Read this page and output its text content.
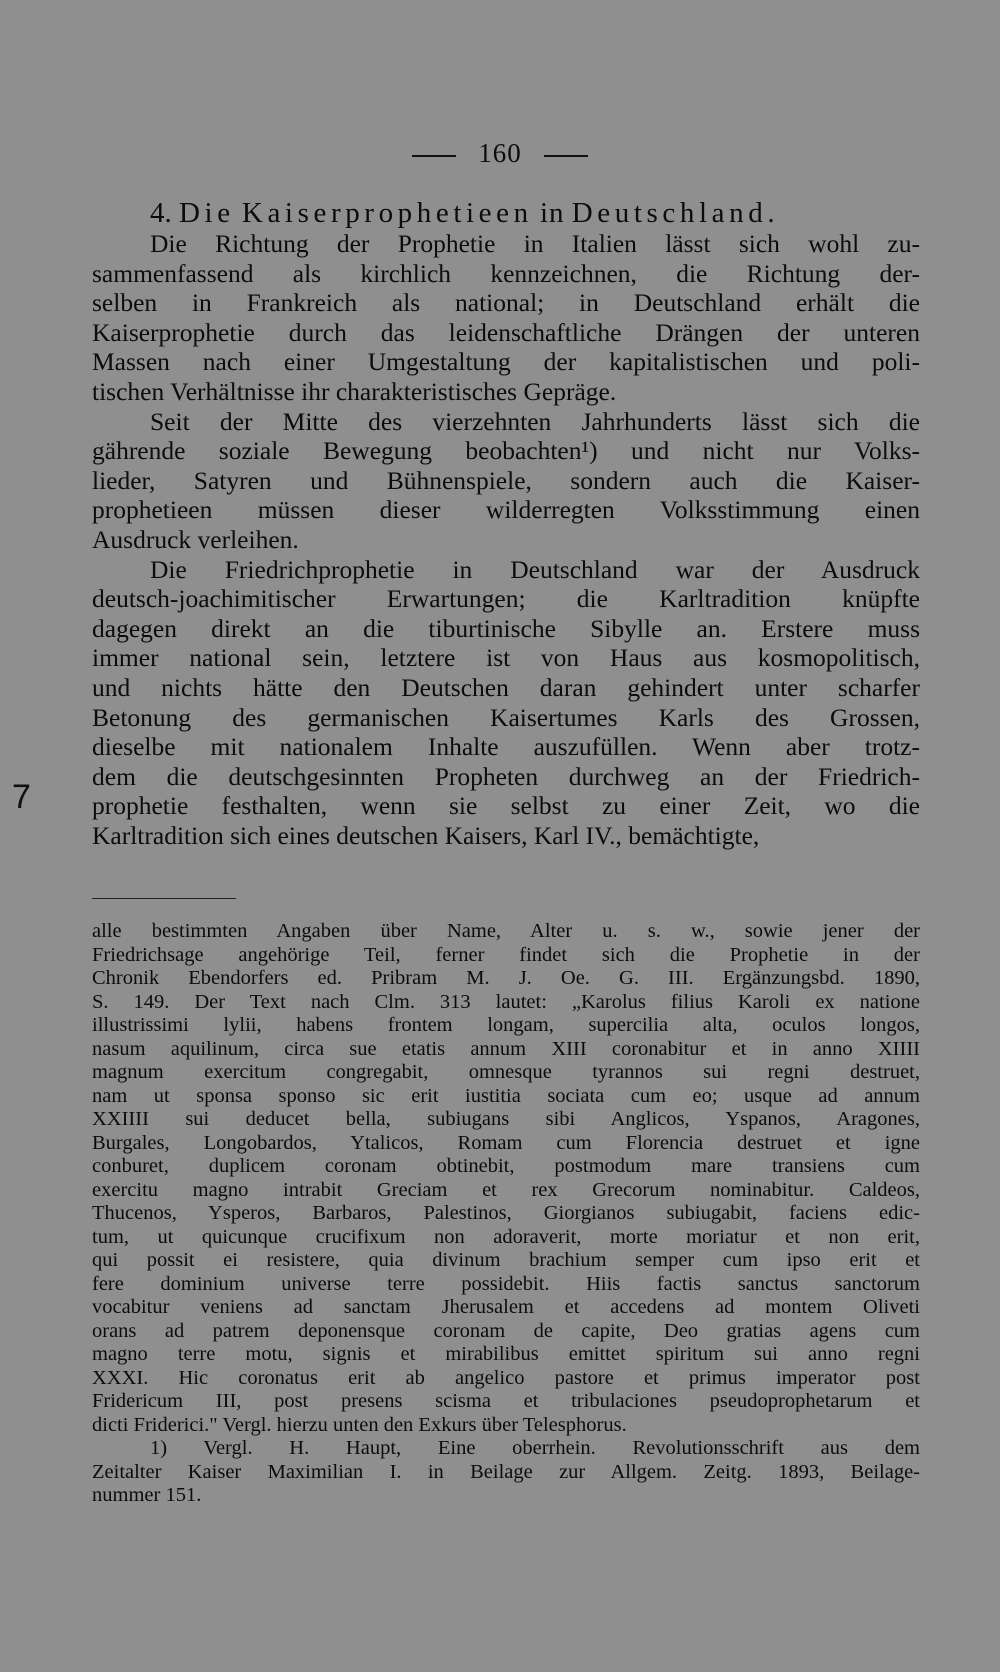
160
4. Die Kaiserprophetieen in Deutschland.
Die Richtung der Prophetie in Italien lässt sich wohl zu-
sammenfassend als kirchlich kennzeichnen, die Richtung der-
selben in Frankreich als national; in Deutschland erhält die
Kaiserprophetie durch das leidenschaftliche Drängen der unteren
Massen nach einer Umgestaltung der kapitalistischen und poli-
tischen Verhältnisse ihr charakteristisches Gepräge.
Seit der Mitte des vierzehnten Jahrhunderts lässt sich die
gährende soziale Bewegung beobachten¹) und nicht nur Volks-
lieder, Satyren und Bühnenspiele, sondern auch die Kaiser-
prophetieen müssen dieser wilderregten Volksstimmung einen
Ausdruck verleihen.
Die Friedrichprophetie in Deutschland war der Ausdruck
deutsch-joachimitischer Erwartungen; die Karltradition knüpfte
dagegen direkt an die tiburtinische Sibylle an. Erstere muss
immer national sein, letztere ist von Haus aus kosmopolitisch,
und nichts hätte den Deutschen daran gehindert unter scharfer
Betonung des germanischen Kaisertumes Karls des Grossen,
dieselbe mit nationalem Inhalte auszufüllen. Wenn aber trotz-
dem die deutschgesinnten Propheten durchweg an der Friedrich-
prophetie festhalten, wenn sie selbst zu einer Zeit, wo die
Karltradition sich eines deutschen Kaisers, Karl IV., bemächtigte,
7
alle bestimmten Angaben über Name, Alter u. s. w., sowie jener der
Friedrichsage angehörige Teil, ferner findet sich die Prophetie in der
Chronik Ebendorfers ed. Pribram M. J. Oe. G. III. Ergänzungsbd. 1890,
S. 149. Der Text nach Clm. 313 lautet: „Karolus filius Karoli ex natione
illustrissimi lylii, habens frontem longam, supercilia alta, oculos longos,
nasum aquilinum, circa sue etatis annum XIII coronabitur et in anno XIIII
magnum exercitum congregabit, omnesque tyrannos sui regni destruet,
nam ut sponsa sponso sic erit iustitia sociata cum eo; usque ad annum
XXIIII sui deducet bella, subiugans sibi Anglicos, Yspanos, Aragones,
Burgales, Longobardos, Ytalicos, Romam cum Florencia destruet et igne
conburet, duplicem coronam obtinebit, postmodum mare transiens cum
exercitu magno intrabit Greciam et rex Grecorum nominabitur. Caldeos,
Thucenos, Ysperos, Barbaros, Palestinos, Giorgianos subiugabit, faciens edic-
tum, ut quicunque crucifixum non adoraverit, morte moriatur et non erit,
qui possit ei resistere, quia divinum brachium semper cum ipso erit et
fere dominium universe terre possidebit. Hiis factis sanctus sanctorum
vocabitur veniens ad sanctam Jherusalem et accedens ad montem Oliveti
orans ad patrem deponensque coronam de capite, Deo gratias agens cum
magno terre motu, signis et mirabilibus emittet spiritum sui anno regni
XXXI. Hic coronatus erit ab angelico pastore et primus imperator post
Fridericum III, post presens scisma et tribulaciones pseudoprophetarum et
dicti Friderici." Vergl. hierzu unten den Exkurs über Telesphorus.
1) Vergl. H. Haupt, Eine oberrhein. Revolutionsschrift aus dem
Zeitalter Kaiser Maximilian I. in Beilage zur Allgem. Zeitg. 1893, Beilage-
nummer 151.
